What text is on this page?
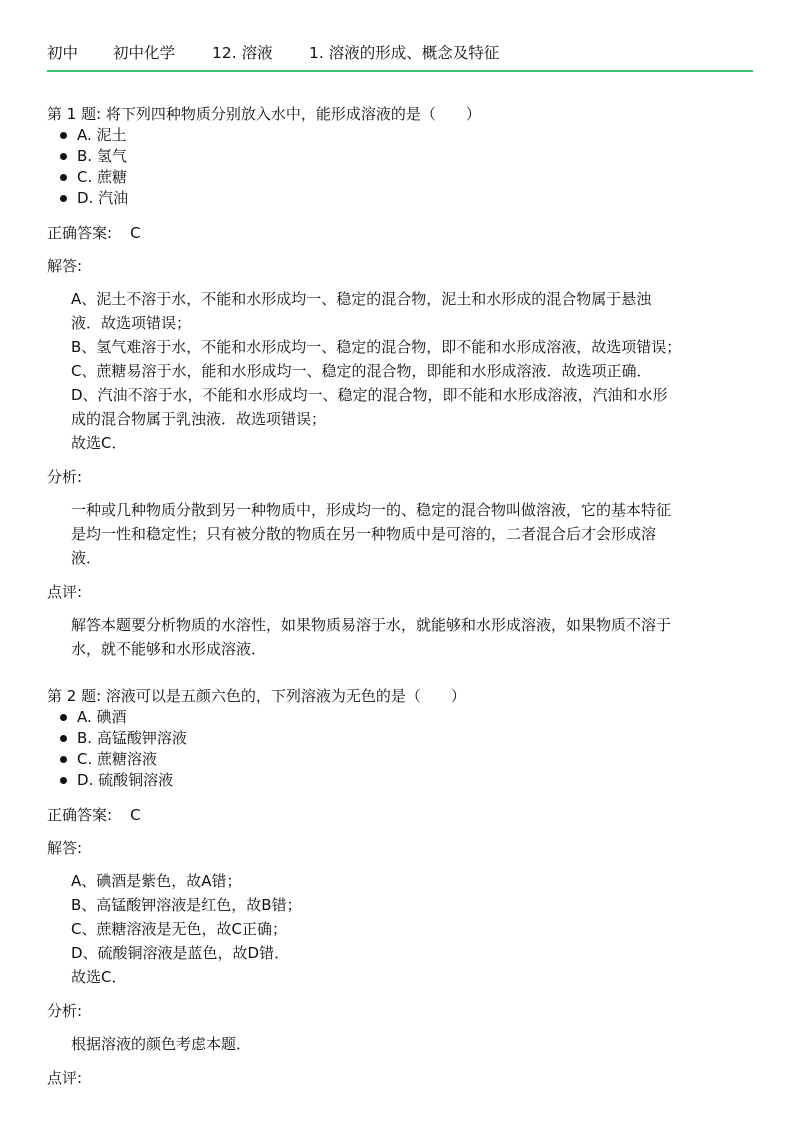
初中 初中化学 12. 溶液 1. 溶液的形成、概念及特征
第 1 题: 将下列四种物质分别放入水中，能形成溶液的是（　　）
A. 泥土
B. 氢气
C. 蔗糖
D. 汽油
正确答案: C
解答:

A、泥土不溶于水，不能和水形成均一、稳定的混合物，泥土和水形成的混合物属于悬浊

液．故选项错误；

B、氢气难溶于水，不能和水形成均一、稳定的混合物，即不能和水形成溶液，故选项错误；

C、蔗糖易溶于水，能和水形成均一、稳定的混合物，即能和水形成溶液．故选项正确．

D、汽油不溶于水，不能和水形成均一、稳定的混合物，即不能和水形成溶液，汽油和水形

成的混合物属于乳浊液．故选项错误；

故选C．

分析:

一种或几种物质分散到另一种物质中，形成均一的、稳定的混合物叫做溶液，它的基本特征

是均一性和稳定性；只有被分散的物质在另一种物质中是可溶的，二者混合后才会形成溶

液．

点评:

解答本题要分析物质的水溶性，如果物质易溶于水，就能够和水形成溶液，如果物质不溶于

水，就不能够和水形成溶液．

第 2 题: 溶液可以是五颜六色的，下列溶液为无色的是（　　）
A. 碘酒
B. 高锰酸钾溶液
C. 蔗糖溶液
D. 硫酸铜溶液
正确答案: C
解答:

A、碘酒是紫色，故A错；

B、高锰酸钾溶液是红色，故B错；

C、蔗糖溶液是无色，故C正确；

D、硫酸铜溶液是蓝色，故D错．

故选C．

分析:

根据溶液的颜色考虑本题．

点评:
